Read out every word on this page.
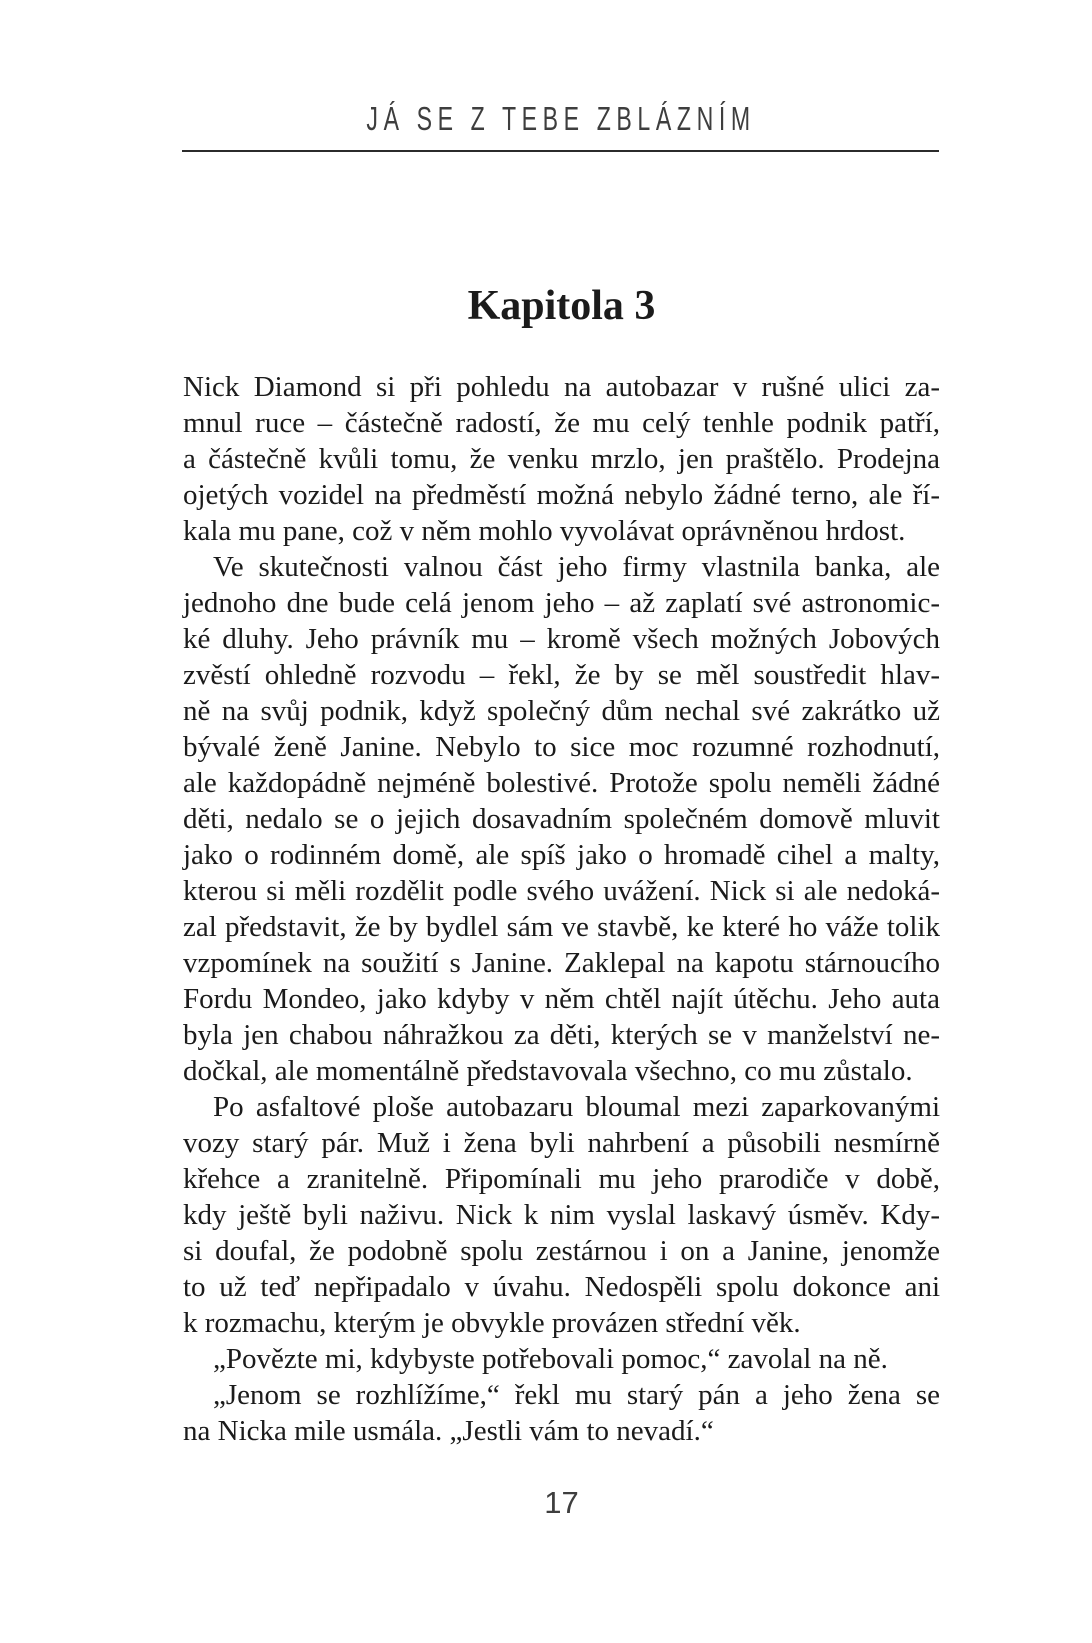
JÁ SE Z TEBE ZBLÁZNÍM
Kapitola 3
Nick Diamond si při pohledu na autobazar v rušné ulici za-
mnul ruce – částečně radostí, že mu celý tenhle podnik patří,
a částečně kvůli tomu, že venku mrzlo, jen praštělo. Prodejna
ojetých vozidel na předměstí možná nebylo žádné terno, ale ří-
kala mu pane, což v něm mohlo vyvolávat oprávněnou hrdost.
Ve skutečnosti valnou část jeho firmy vlastnila banka, ale
jednoho dne bude celá jenom jeho – až zaplatí své astronomic-
ké dluhy. Jeho právník mu – kromě všech možných Jobových
zvěstí ohledně rozvodu – řekl, že by se měl soustředit hlav-
ně na svůj podnik, když společný dům nechal své zakrátko už
bývalé ženě Janine. Nebylo to sice moc rozumné rozhodnutí,
ale každopádně nejméně bolestivé. Protože spolu neměli žádné
děti, nedalo se o jejich dosavadním společném domově mluvit
jako o rodinném domě, ale spíš jako o hromadě cihel a malty,
kterou si měli rozdělit podle svého uvážení. Nick si ale nedoká-
zal představit, že by bydlel sám ve stavbě, ke které ho váže tolik
vzpomínek na soužití s Janine. Zaklepal na kapotu stárnoucího
Fordu Mondeo, jako kdyby v něm chtěl najít útěchu. Jeho auta
byla jen chabou náhražkou za děti, kterých se v manželství ne-
dočkal, ale momentálně představovala všechno, co mu zůstalo.
Po asfaltové ploše autobazaru bloumal mezi zaparkovanými
vozy starý pár. Muž i žena byli nahrbení a působili nesmírně
křehce a zranitelně. Připomínali mu jeho prarodiče v době,
kdy ještě byli naživu. Nick k nim vyslal laskavý úsměv. Kdy-
si doufal, že podobně spolu zestárnou i on a Janine, jenomže
to už teď nepřipadalo v úvahu. Nedospěli spolu dokonce ani
k rozmachu, kterým je obvykle provázen střední věk.
„Povězte mi, kdybyste potřebovali pomoc,“ zavolal na ně.
„Jenom se rozhlížíme,“ řekl mu starý pán a jeho žena se
na Nicka mile usmála. „Jestli vám to nevadí.“
17
